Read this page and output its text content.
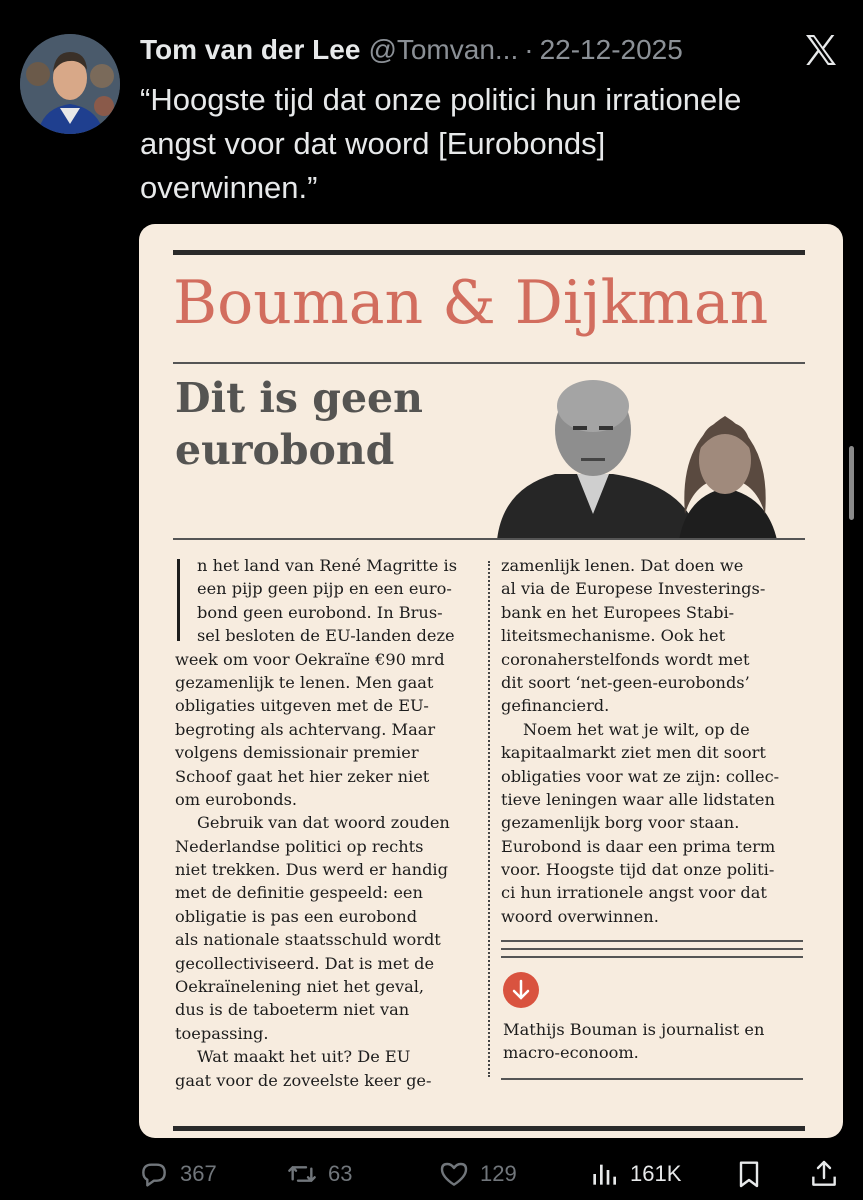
Tom van der Lee @Tomvan... · 22-12-2025
“Hoogste tijd dat onze politici hun irrationele
angst voor dat woord [Eurobonds]
overwinnen.”
Bouman & Dijkman
Dit is geen
eurobond
n het land van René Magritte is
een pijp geen pijp en een euro-
bond geen eurobond. In Brus-
sel besloten de EU-landen deze
week om voor Oekraïne €90 mrd
gezamenlijk te lenen. Men gaat
obligaties uitgeven met de EU-
begroting als achtervang. Maar
volgens demissionair premier
Schoof gaat het hier zeker niet
om eurobonds.
Gebruik van dat woord zouden
Nederlandse politici op rechts
niet trekken. Dus werd er handig
met de definitie gespeeld: een
obligatie is pas een eurobond
als nationale staatsschuld wordt
gecollectiviseerd. Dat is met de
Oekraïnelening niet het geval,
dus is de taboeterm niet van
toepassing.
Wat maakt het uit? De EU
gaat voor de zoveelste keer ge-
zamenlijk lenen. Dat doen we
al via de Europese Investerings-
bank en het Europees Stabi-
liteitsmechanisme. Ook het
coronaherstelfonds wordt met
dit soort ‘net-geen-eurobonds’
gefinancierd.
Noem het wat je wilt, op de
kapitaalmarkt ziet men dit soort
obligaties voor wat ze zijn: collec-
tieve leningen waar alle lidstaten
gezamenlijk borg voor staan.
Eurobond is daar een prima term
voor. Hoogste tijd dat onze politi-
ci hun irrationele angst voor dat
woord overwinnen.
Mathijs Bouman is journalist en
macro-econoom.
367	63	129	161K
